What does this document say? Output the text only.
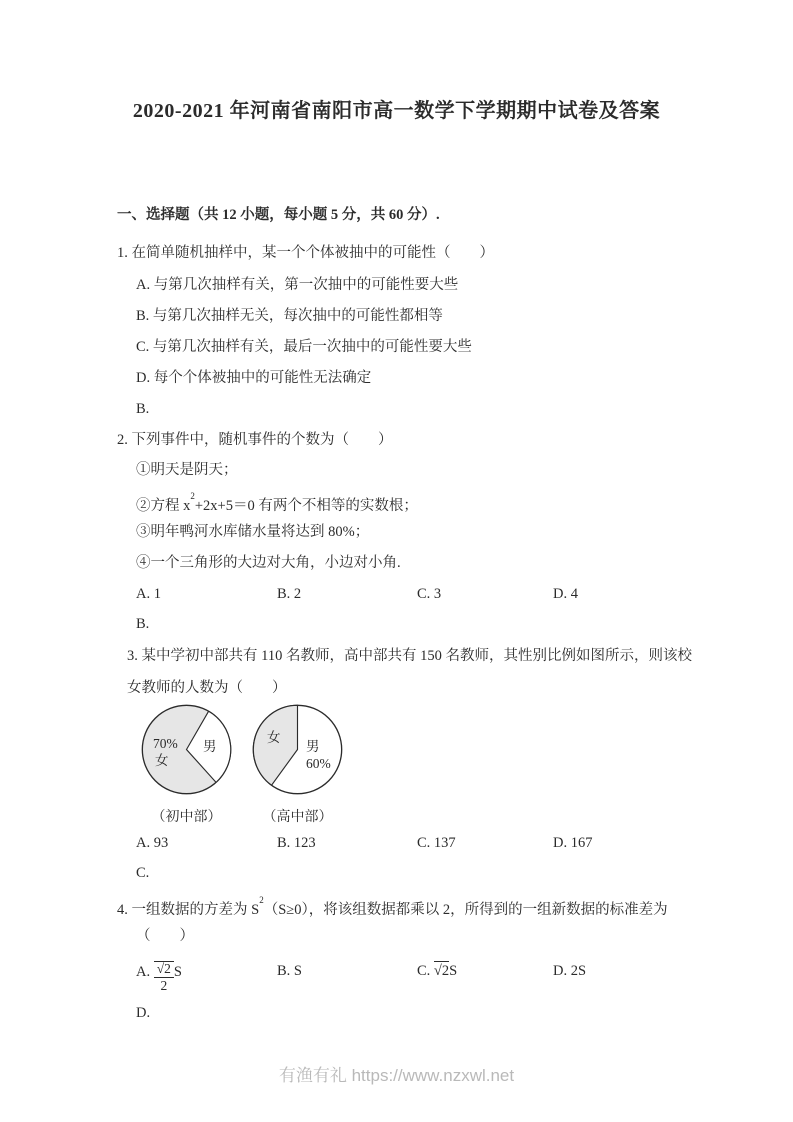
2020-2021 年河南省南阳市高一数学下学期期中试卷及答案
一、选择题（共 12 小题，每小题 5 分，共 60 分）.
1. 在简单随机抽样中，某一个个体被抽中的可能性（　　）
A. 与第几次抽样有关，第一次抽中的可能性要大些
B. 与第几次抽样无关，每次抽中的可能性都相等
C. 与第几次抽样有关，最后一次抽中的可能性要大些
D. 每个个体被抽中的可能性无法确定
B.
2. 下列事件中，随机事件的个数为（　　）
①明天是阴天；
②方程 $x^2+2x+5=0$ 有两个不相等的实数根；
③明年鸭河水库储水量将达到 80%；
④一个三角形的大边对大角，小边对小角.
A. 1	B. 2	C. 3	D. 4
B.
3. 某中学初中部共有 110 名教师，高中部共有 150 名教师，其性别比例如图所示，则该校
女教师的人数为（　　）
70%
女
男
女
男
60%
（初中部）	（高中部）
A. 93	B. 123	C. 137	D. 167
C.
4. 一组数据的方差为 $S^2(S\ge 0)$，将该组数据都乘以 2，所得到的一组新数据的标准差为
（　　）
A. $\frac{√2}{2}$ S	B. S	C. √2S	D. 2S
D.
有渔有礼 https://www.nzxwl.net
